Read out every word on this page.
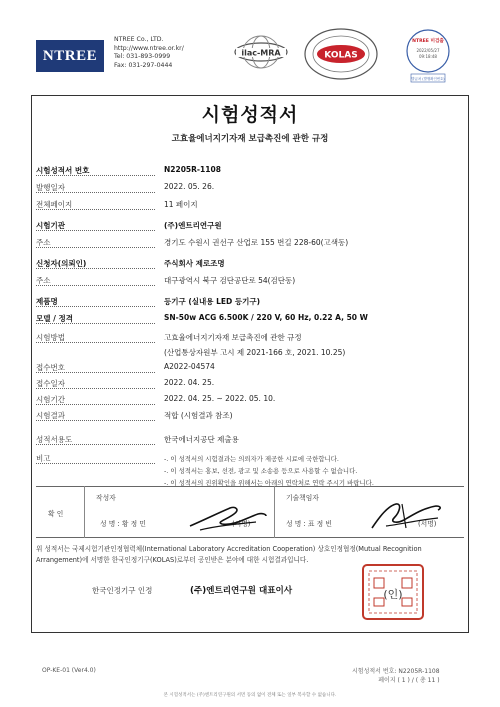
NTREE
NTREE Co., LTD.
http://www.ntree.or.kr/
Tel: 031-893-0999
Fax: 031-297-0444
ilac-MRA	KOLAS
NTREE 미검출
2022/05/27
09:18:48
발급처 (발행확인번호)
시험성적서
고효율에너지기자재 보급촉진에 관한 규정
시험성적서 번호	N2205R-1108
발행일자	2022. 05. 26.
전체페이지	11 페이지
시험기관	(주)엔트리연구원
주소	경기도 수원시 권선구 산업로 155 번길 228-60(고색동)
신청자(의뢰인)	주식회사 제로조명
주소	대구광역시 북구 검단공단로 54(검단동)
제품명	등기구 (실내용 LED 등기구)
모델 / 정격	SN-50w ACG 6.500K / 220 V, 60 Hz, 0.22 A, 50 W
시험방법	고효율에너지기자재 보급촉진에 관한 규정
(산업통상자원부 고시 제 2021-166 호, 2021. 10.25)
접수번호	A2022-04574
접수일자	2022. 04. 25.
시험기간	2022. 04. 25. ~ 2022. 05. 10.
시험결과	적합 (시험결과 참조)
성적서용도	한국에너지공단 제출용
비고	-. 이 성적서의 시험결과는 의뢰자가 제공한 시료에 국한합니다.
-. 이 성적서는 홍보, 선전, 광고 및 소송용 등으로 사용할 수 없습니다.
-. 이 성적서의 진위확인을 위해서는 아래의 연락처로 연락 주시기 바랍니다.
확 인
작성자
성 명 : 황 정 민	(서명)
기술책임자
성 명 : 표 정 빈	(서명)
위 성적서는 국제시험기관인정협력체(International Laboratory Accreditation Cooperation) 상호인정협정(Mutual Recognition
Arrangement)에 서명한 한국인정기구(KOLAS)로부터 공인받은 분야에 대한 시험결과입니다.
한국인정기구 인정	(주)엔트리연구원 대표이사	(인)
OP-KE-01 (Ver4.0)	시험성적서 번호: N2205R-1108
페이지 ( 1 ) / ( 총 11 )
본 시험성적서는 (주)엔트리연구원의 서면 동의 없이 전체 또는 일부 복사할 수 없습니다.
